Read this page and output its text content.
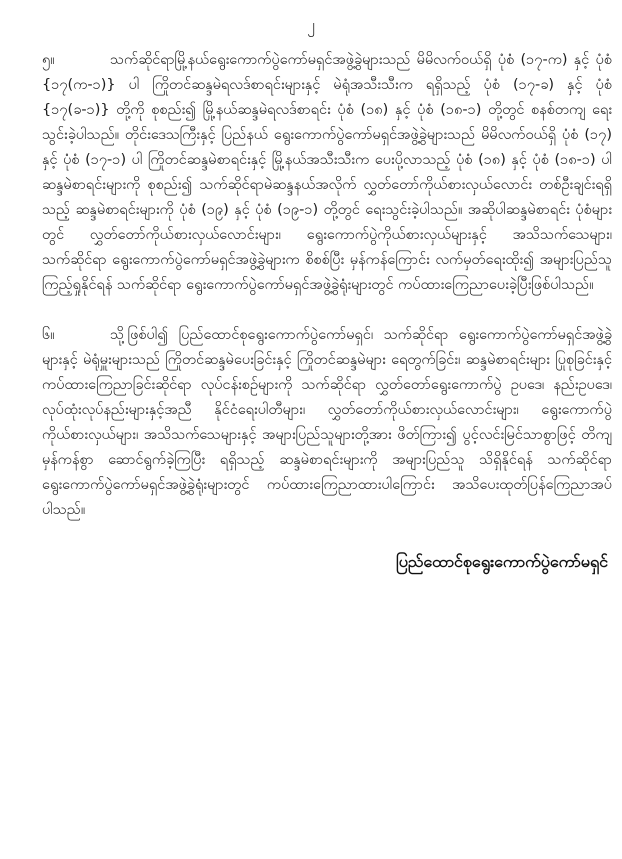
၂

၅။	သက်ဆိုင်ရာမြို့နယ်ရွေးကောက်ပွဲကော်မရှင်အဖွဲ့ခွဲများသည် မိမိလက်ဝယ်ရှိ ပုံစံ (၁၇-က) နှင့် ပုံစံ {၁၇(က-၁)} ပါ ကြိုတင်ဆန္ဒမဲရလဒ်စာရင်းများနှင့် မဲရုံအသီးသီးက ရရှိသည့် ပုံစံ (၁၇-ခ) နှင့် ပုံစံ {၁၇(ခ-၁)} တို့ကို စုစည်း၍ မြို့နယ်ဆန္ဒမဲရလဒ်စာရင်း ပုံစံ (၁၈) နှင့် ပုံစံ (၁၈-၁) တို့တွင် စနစ်တကျ ရေးသွင်းခဲ့ပါသည်။ တိုင်းဒေသကြီးနှင့် ပြည်နယ် ရွေးကောက်ပွဲကော်မရှင်အဖွဲ့ခွဲများသည် မိမိလက်ဝယ်ရှိ ပုံစံ (၁၇) နှင့် ပုံစံ (၁၇-၁) ပါ ကြိုတင်ဆန္ဒမဲစာရင်းနှင့် မြို့နယ်အသီးသီးက ပေးပို့လာသည့် ပုံစံ (၁၈) နှင့် ပုံစံ (၁၈-၁) ပါ ဆန္ဒမဲစာရင်းများကို စုစည်း၍ သက်ဆိုင်ရာမဲဆန္ဒနယ်အလိုက် လွှတ်တော်ကိုယ်စားလှယ်လောင်း တစ်ဦးချင်းရရှိသည့် ဆန္ဒမဲစာရင်းများကို ပုံစံ (၁၉) နှင့် ပုံစံ (၁၉-၁) တို့တွင် ရေးသွင်းခဲ့ပါသည်။ အဆိုပါဆန္ဒမဲစာရင်း ပုံစံများတွင် လွှတ်တော်ကိုယ်စားလှယ်လောင်းများ၊ ရွေးကောက်ပွဲကိုယ်စားလှယ်များနှင့် အသိသက်သေများ၊ သက်ဆိုင်ရာ ရွေးကောက်ပွဲကော်မရှင်အဖွဲ့ခွဲများက စိစစ်ပြီး မှန်ကန်ကြောင်း လက်မှတ်ရေးထိုး၍ အများပြည်သူ ကြည့်ရှုနိုင်ရန် သက်ဆိုင်ရာ ရွေးကောက်ပွဲကော်မရှင်အဖွဲ့ခွဲရုံးများတွင် ကပ်ထားကြေညာပေးခဲ့ပြီးဖြစ်ပါသည်။

၆။	သို့ဖြစ်ပါ၍ ပြည်ထောင်စုရွေးကောက်ပွဲကော်မရှင်၊ သက်ဆိုင်ရာ ရွေးကောက်ပွဲကော်မရှင်အဖွဲ့ခွဲများနှင့် မဲရုံမှူးများသည် ကြိုတင်ဆန္ဒမဲပေးခြင်းနှင့် ကြိုတင်ဆန္ဒမဲများ ရေတွက်ခြင်း၊ ဆန္ဒမဲစာရင်းများ ပြုစုခြင်းနှင့် ကပ်ထားကြေညာခြင်းဆိုင်ရာ လုပ်ငန်းစဉ်များကို သက်ဆိုင်ရာ လွှတ်တော်ရွေးကောက်ပွဲ ဥပဒေ၊ နည်းဥပဒေ၊ လုပ်ထုံးလုပ်နည်းများနှင့်အညီ နိုင်ငံရေးပါတီများ၊ လွှတ်တော်ကိုယ်စားလှယ်လောင်းများ၊ ရွေးကောက်ပွဲကိုယ်စားလှယ်များ၊ အသိသက်သေများနှင့် အများပြည်သူများတို့အား ဖိတ်ကြား၍ ပွင့်လင်းမြင်သာစွာဖြင့် တိကျမှန်ကန်စွာ ဆောင်ရွက်ခဲ့ကြပြီး ရရှိသည့် ဆန္ဒမဲစာရင်းများကို အများပြည်သူ သိရှိနိုင်ရန် သက်ဆိုင်ရာ ရွေးကောက်ပွဲကော်မရှင်အဖွဲ့ခွဲရုံးများတွင် ကပ်ထားကြေညာထားပါကြောင်း အသိပေးထုတ်ပြန်ကြေညာအပ်ပါသည်။

ပြည်ထောင်စုရွေးကောက်ပွဲကော်မရှင်
